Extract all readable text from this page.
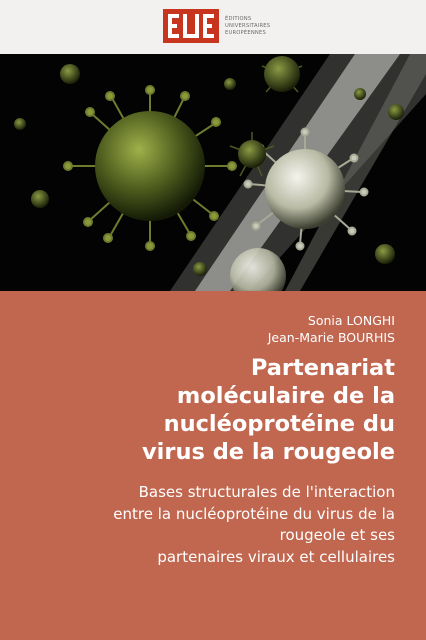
ÉDITIONS
UNIVERSITAIRES
EUROPÉENNES
Sonia LONGHI
Jean-Marie BOURHIS
Partenariat
moléculaire de la
nucléoprotéine du
virus de la rougeole
Bases structurales de l'interaction
entre la nucléoprotéine du virus de la
rougeole et ses
partenaires viraux et cellulaires
